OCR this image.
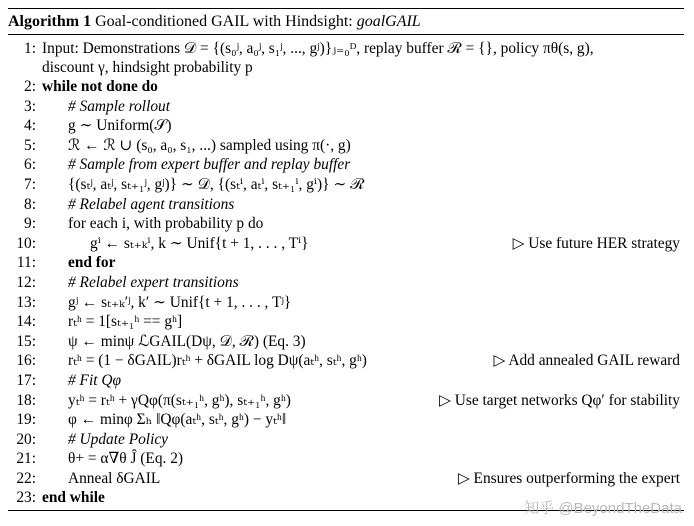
Algorithm 1 Goal-conditioned GAIL with Hindsight: goalGAIL
1: Input: Demonstrations 𝒟 = {(s₀ʲ, a₀ʲ, s₁ʲ, ..., gʲ)}ⱼ₌₀ᴰ, replay buffer ℛ = {}, policy πθ(s, g),
discount γ, hindsight probability p
2: while not done do
3: # Sample rollout
4: g ∼ Uniform(𝒮)
5: ℛ ← ℛ ∪ (s₀, a₀, s₁, ...) sampled using π(·, g)
6: # Sample from expert buffer and replay buffer
7: {(sₜʲ, aₜʲ, sₜ₊₁ʲ, gʲ)} ∼ 𝒟, {(sₜⁱ, aₜⁱ, sₜ₊₁ⁱ, gⁱ)} ∼ ℛ
8: # Relabel agent transitions
9: for each i, with probability p do
10:	gⁱ ← sₜ₊ₖⁱ, k ∼ Unif{t + 1, . . . , Tⁱ}	▷ Use future HER strategy
11: end for
12: # Relabel expert transitions
13: gʲ ← sₜ₊ₖ′ʲ, k′ ∼ Unif{t + 1, . . . , Tʲ}
14: rₜʰ = 1[sₜ₊₁ʰ == gʰ]
15: ψ ← minψ ℒGAIL(Dψ, 𝒟, ℛ) (Eq. 3)
16: rₜʰ = (1 − δGAIL)rₜʰ + δGAIL log Dψ(aₜʰ, sₜʰ, gʰ)	▷ Add annealed GAIL reward
17: # Fit Qφ
18: yₜʰ = rₜʰ + γQφ(π(sₜ₊₁ʰ, gʰ), sₜ₊₁ʰ, gʰ)	▷ Use target networks Qφ′ for stability
19: φ ← minφ Σₕ ‖Qφ(aₜʰ, sₜʰ, gʰ) − yₜʰ‖
20: # Update Policy
21: θ+ = α∇θ Ĵ (Eq. 2)
22: Anneal δGAIL	▷ Ensures outperforming the expert
23: end while
知乎 @BeyondTheData
